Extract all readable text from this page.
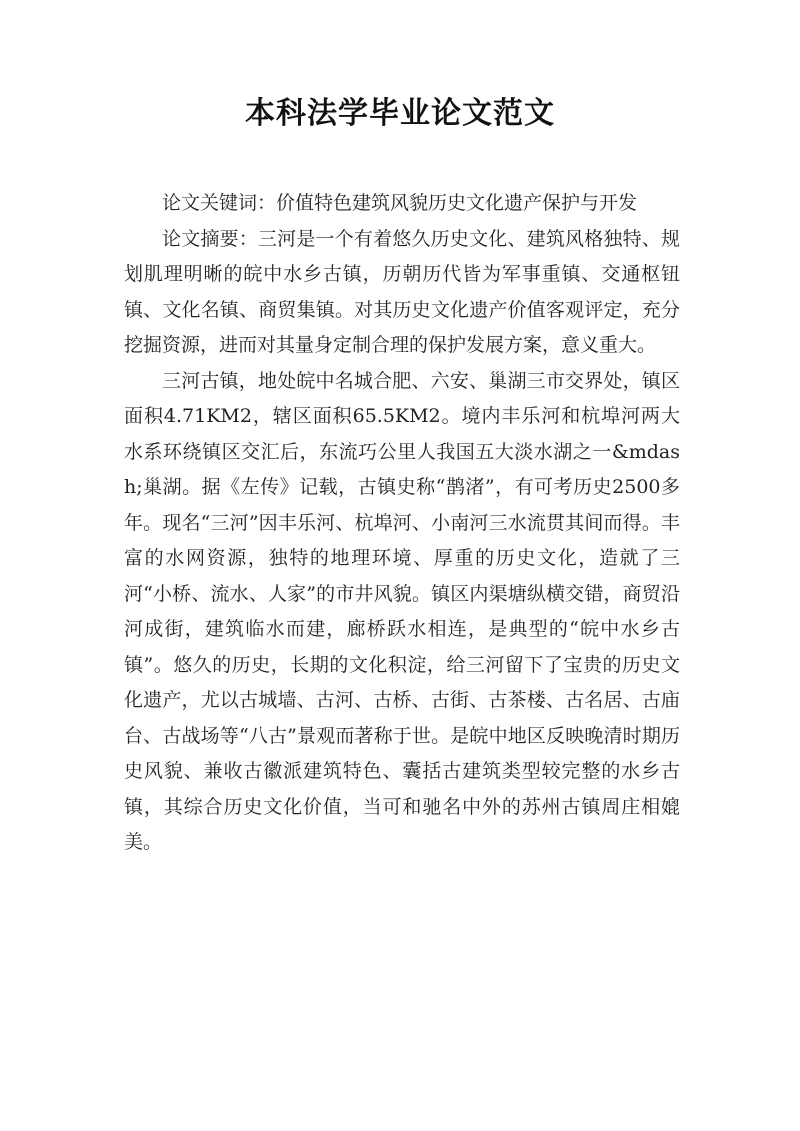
本科法学毕业论文范文

论文关键词：价值特色建筑风貌历史文化遗产保护与开发

论文摘要：三河是一个有着悠久历史文化、建筑风格独特、规划肌理明晰的皖中水乡古镇，历朝历代皆为军事重镇、交通枢钮镇、文化名镇、商贸集镇。对其历史文化遗产价值客观评定，充分挖掘资源，进而对其量身定制合理的保护发展方案，意义重大。

三河古镇，地处皖中名城合肥、六安、巢湖三市交界处，镇区面积4.71KM2，辖区面积65.5KM2。境内丰乐河和杭埠河两大水系环绕镇区交汇后，东流巧公里人我国五大淡水湖之一&mdash;巢湖。据《左传》记载，古镇史称“鹊渚”，有可考历史2500多年。现名“三河”因丰乐河、杭埠河、小南河三水流贯其间而得。丰富的水网资源，独特的地理环境、厚重的历史文化，造就了三河“小桥、流水、人家”的市井风貌。镇区内渠塘纵横交错，商贸沿河成街，建筑临水而建，廊桥跃水相连，是典型的“皖中水乡古镇”。悠久的历史，长期的文化积淀，给三河留下了宝贵的历史文化遗产，尤以古城墙、古河、古桥、古街、古茶楼、古名居、古庙台、古战场等“八古”景观而著称于世。是皖中地区反映晚清时期历史风貌、兼收古徽派建筑特色、囊括古建筑类型较完整的水乡古镇，其综合历史文化价值，当可和驰名中外的苏州古镇周庄相媲美。
